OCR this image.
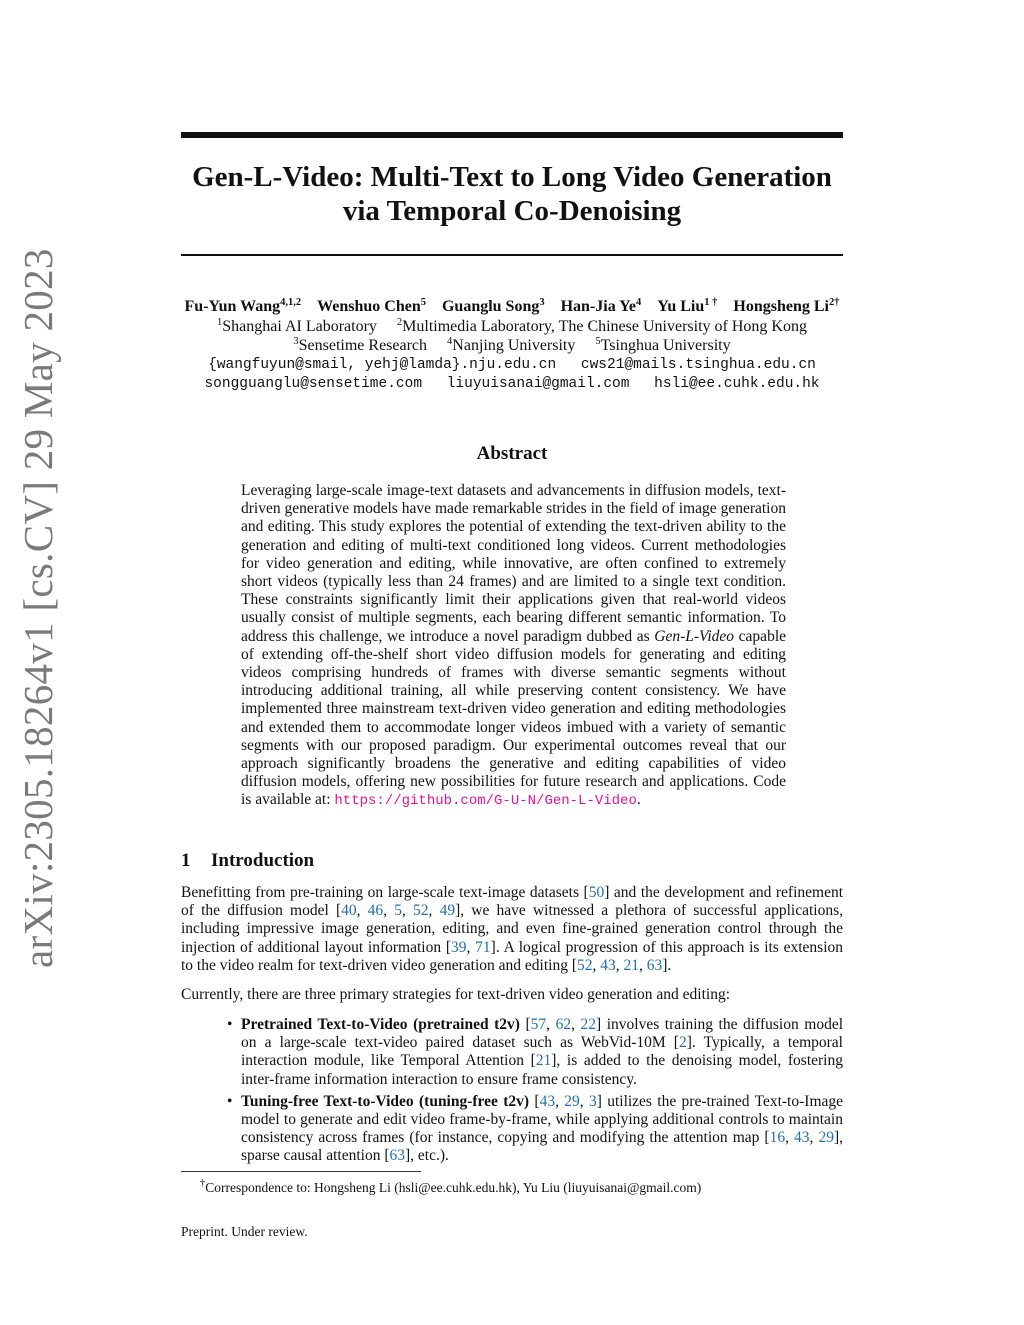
arXiv:2305.18264v1 [cs.CV] 29 May 2023
Gen-L-Video: Multi-Text to Long Video Generation
via Temporal Co-Denoising
Fu-Yun Wang$^{4,1,2}$ Wenshuo Chen$^5$ Guanglu Song$^3$ Han-Jia Ye$^4$ Yu Liu$^{1 \dagger}$ Hongsheng $Li^{2\dagger}$
$^1$Shanghai AI Laboratory $^2$Multimedia Laboratory, The Chinese University of Hong Kong
$^3$Sensetime Research $^4$Nanjing University $^5$Tsinghua University
{wangfuyun@smail, yehj@lamda}.nju.edu.cn cws21@mails.tsinghua.edu.cn
songguanglu@sensetime.com liuyuisanai@gmail.com hsli@ee.cuhk.edu.hk
Abstract

Leveraging large-scale image-text datasets and advancements in diffusion models, text-driven generative models have made remarkable strides in the field of image generation and editing. This study explores the potential of extending the text-driven ability to the generation and editing of multi-text conditioned long videos. Current methodologies for video generation and editing, while innovative, are often confined to extremely short videos (typically less than 24 frames) and are limited to a single text condition. These constraints significantly limit their applications given that real-world videos usually consist of multiple segments, each bearing different semantic information. To address this challenge, we introduce a novel paradigm dubbed as Gen-L-Video capable of extending off-the-shelf short video diffusion models for generating and editing videos comprising hundreds of frames with diverse semantic segments without introducing additional training, all while preserving content consistency. We have implemented three mainstream text-driven video generation and editing methodologies and extended them to accommodate longer videos imbued with a variety of semantic segments with our proposed paradigm. Our experimental outcomes reveal that our approach significantly broadens the generative and editing capabilities of video diffusion models, offering new possibilities for future research and applications. Code is available at: https://github.com/G-U-N/Gen-L-Video.

1 Introduction

Benefitting from pre-training on large-scale text-image datasets [50] and the development and refinement of the diffusion model [40, 46, 5, 52, 49], we have witnessed a plethora of successful applications, including impressive image generation, editing, and even fine-grained generation control through the injection of additional layout information [39, 71]. A logical progression of this approach is its extension to the video realm for text-driven video generation and editing [52, 43, 21, 63].

Currently, there are three primary strategies for text-driven video generation and editing:

• Pretrained Text-to-Video (pretrained t2v) [57, 62, 22] involves training the diffusion model on a large-scale text-video paired dataset such as WebVid-10M [2]. Typically, a temporal interaction module, like Temporal Attention [21], is added to the denoising model, fostering inter-frame information interaction to ensure frame consistency.
• Tuning-free Text-to-Video (tuning-free t2v) [43, 29, 3] utilizes the pre-trained Text-to-Image model to generate and edit video frame-by-frame, while applying additional controls to maintain consistency across frames (for instance, copying and modifying the attention map [16, 43, 29], sparse causal attention [63], etc.).

†Correspondence to: Hongsheng Li (hsli@ee.cuhk.edu.hk), Yu Liu (liuyuisanai@gmail.com)

Preprint. Under review.
